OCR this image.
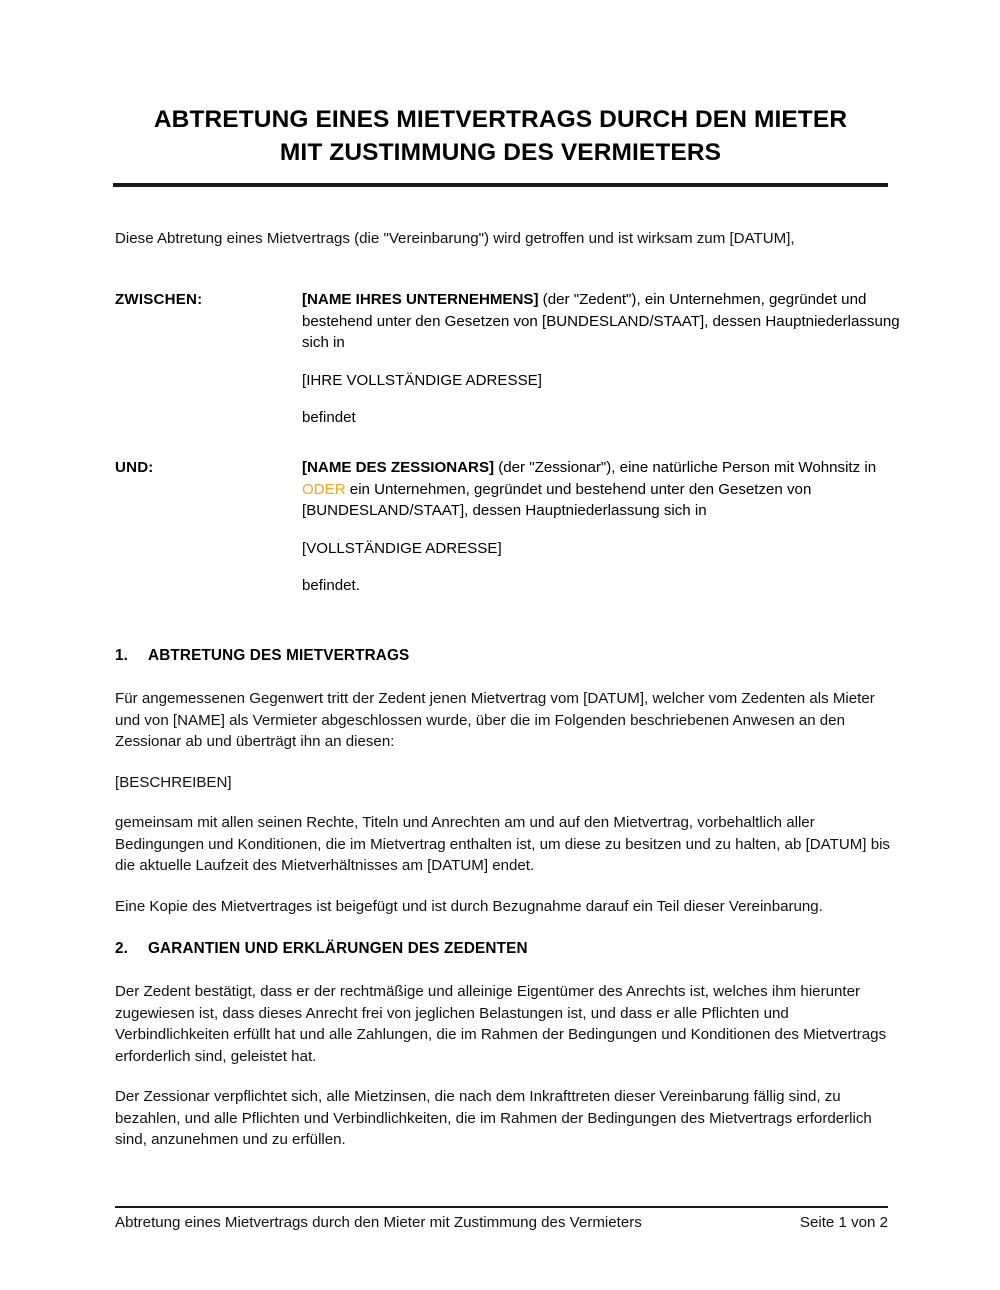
ABTRETUNG EINES MIETVERTRAGS DURCH DEN MIETER
MIT ZUSTIMMUNG DES VERMIETERS
Diese Abtretung eines Mietvertrags (die "Vereinbarung") wird getroffen und ist wirksam zum [DATUM],
ZWISCHEN:	[NAME IHRES UNTERNEHMENS] (der "Zedent"), ein Unternehmen, gegründet und bestehend unter den Gesetzen von [BUNDESLAND/STAAT], dessen Hauptniederlassung sich in

[IHRE VOLLSTÄNDIGE ADRESSE]

befindet

UND:	[NAME DES ZESSIONARS] (der "Zessionar"), eine natürliche Person mit Wohnsitz in ODER ein Unternehmen, gegründet und bestehend unter den Gesetzen von [BUNDESLAND/STAAT], dessen Hauptniederlassung sich in

[VOLLSTÄNDIGE ADRESSE]

befindet.

1. ABTRETUNG DES MIETVERTRAGS

Für angemessenen Gegenwert tritt der Zedent jenen Mietvertrag vom [DATUM], welcher vom Zedenten als Mieter und von [NAME] als Vermieter abgeschlossen wurde, über die im Folgenden beschriebenen Anwesen an den Zessionar ab und überträgt ihn an diesen:

[BESCHREIBEN]

gemeinsam mit allen seinen Rechte, Titeln und Anrechten am und auf den Mietvertrag, vorbehaltlich aller Bedingungen und Konditionen, die im Mietvertrag enthalten ist, um diese zu besitzen und zu halten, ab [DATUM] bis die aktuelle Laufzeit des Mietverhältnisses am [DATUM] endet.

Eine Kopie des Mietvertrages ist beigefügt und ist durch Bezugnahme darauf ein Teil dieser Vereinbarung.

2. GARANTIEN UND ERKLÄRUNGEN DES ZEDENTEN

Der Zedent bestätigt, dass er der rechtmäßige und alleinige Eigentümer des Anrechts ist, welches ihm hierunter zugewiesen ist, dass dieses Anrecht frei von jeglichen Belastungen ist, und dass er alle Pflichten und Verbindlichkeiten erfüllt hat und alle Zahlungen, die im Rahmen der Bedingungen und Konditionen des Mietvertrags erforderlich sind, geleistet hat.

Der Zessionar verpflichtet sich, alle Mietzinsen, die nach dem Inkrafttreten dieser Vereinbarung fällig sind, zu bezahlen, und alle Pflichten und Verbindlichkeiten, die im Rahmen der Bedingungen des Mietvertrags erforderlich sind, anzunehmen und zu erfüllen.

Abtretung eines Mietvertrags durch den Mieter mit Zustimmung des Vermieters	Seite 1 von 2
